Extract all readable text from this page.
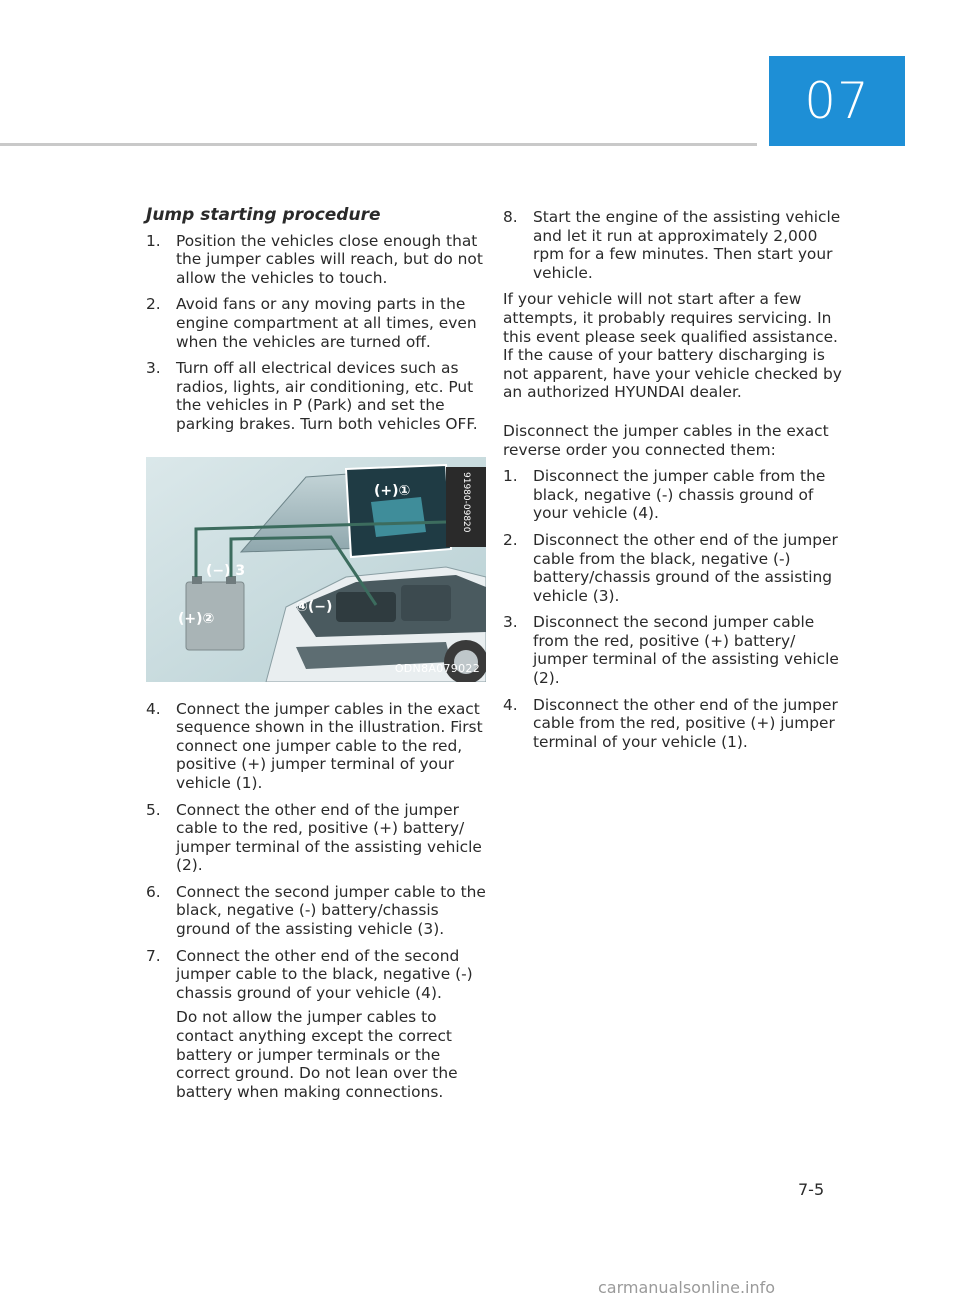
07
Jump starting procedure
1. Position the vehicles close enough that the jumper cables will reach, but do not allow the vehicles to touch.
2. Avoid fans or any moving parts in the engine compartment at all times, even when the vehicles are turned off.
3. Turn off all electrical devices such as radios, lights, air conditioning, etc. Put the vehicles in P (Park) and set the parking brakes. Turn both vehicles OFF.
91980-09820
(+)①
(−) 3
(+)②
④(−)
ODN8A079022
4. Connect the jumper cables in the exact sequence shown in the illustration. First connect one jumper cable to the red, positive (+) jumper terminal of your vehicle (1).
5. Connect the other end of the jumper cable to the red, positive (+) battery/ jumper terminal of the assisting vehicle (2).
6. Connect the second jumper cable to the black, negative (-) battery/chassis ground of the assisting vehicle (3).
7. Connect the other end of the second jumper cable to the black, negative (-) chassis ground of your vehicle (4).
Do not allow the jumper cables to contact anything except the correct battery or jumper terminals or the correct ground. Do not lean over the battery when making connections.
8. Start the engine of the assisting vehicle and let it run at approximately 2,000 rpm for a few minutes. Then start your vehicle.

If your vehicle will not start after a few attempts, it probably requires servicing. In this event please seek qualified assistance. If the cause of your battery discharging is not apparent, have your vehicle checked by an authorized HYUNDAI dealer.

Disconnect the jumper cables in the exact reverse order you connected them:

1. Disconnect the jumper cable from the black, negative (-) chassis ground of your vehicle (4).
2. Disconnect the other end of the jumper cable from the black, negative (-) battery/chassis ground of the assisting vehicle (3).
3. Disconnect the second jumper cable from the red, positive (+) battery/ jumper terminal of the assisting vehicle (2).
4. Disconnect the other end of the jumper cable from the red, positive (+) jumper terminal of your vehicle (1).
7-5
carmanualsonline.info
